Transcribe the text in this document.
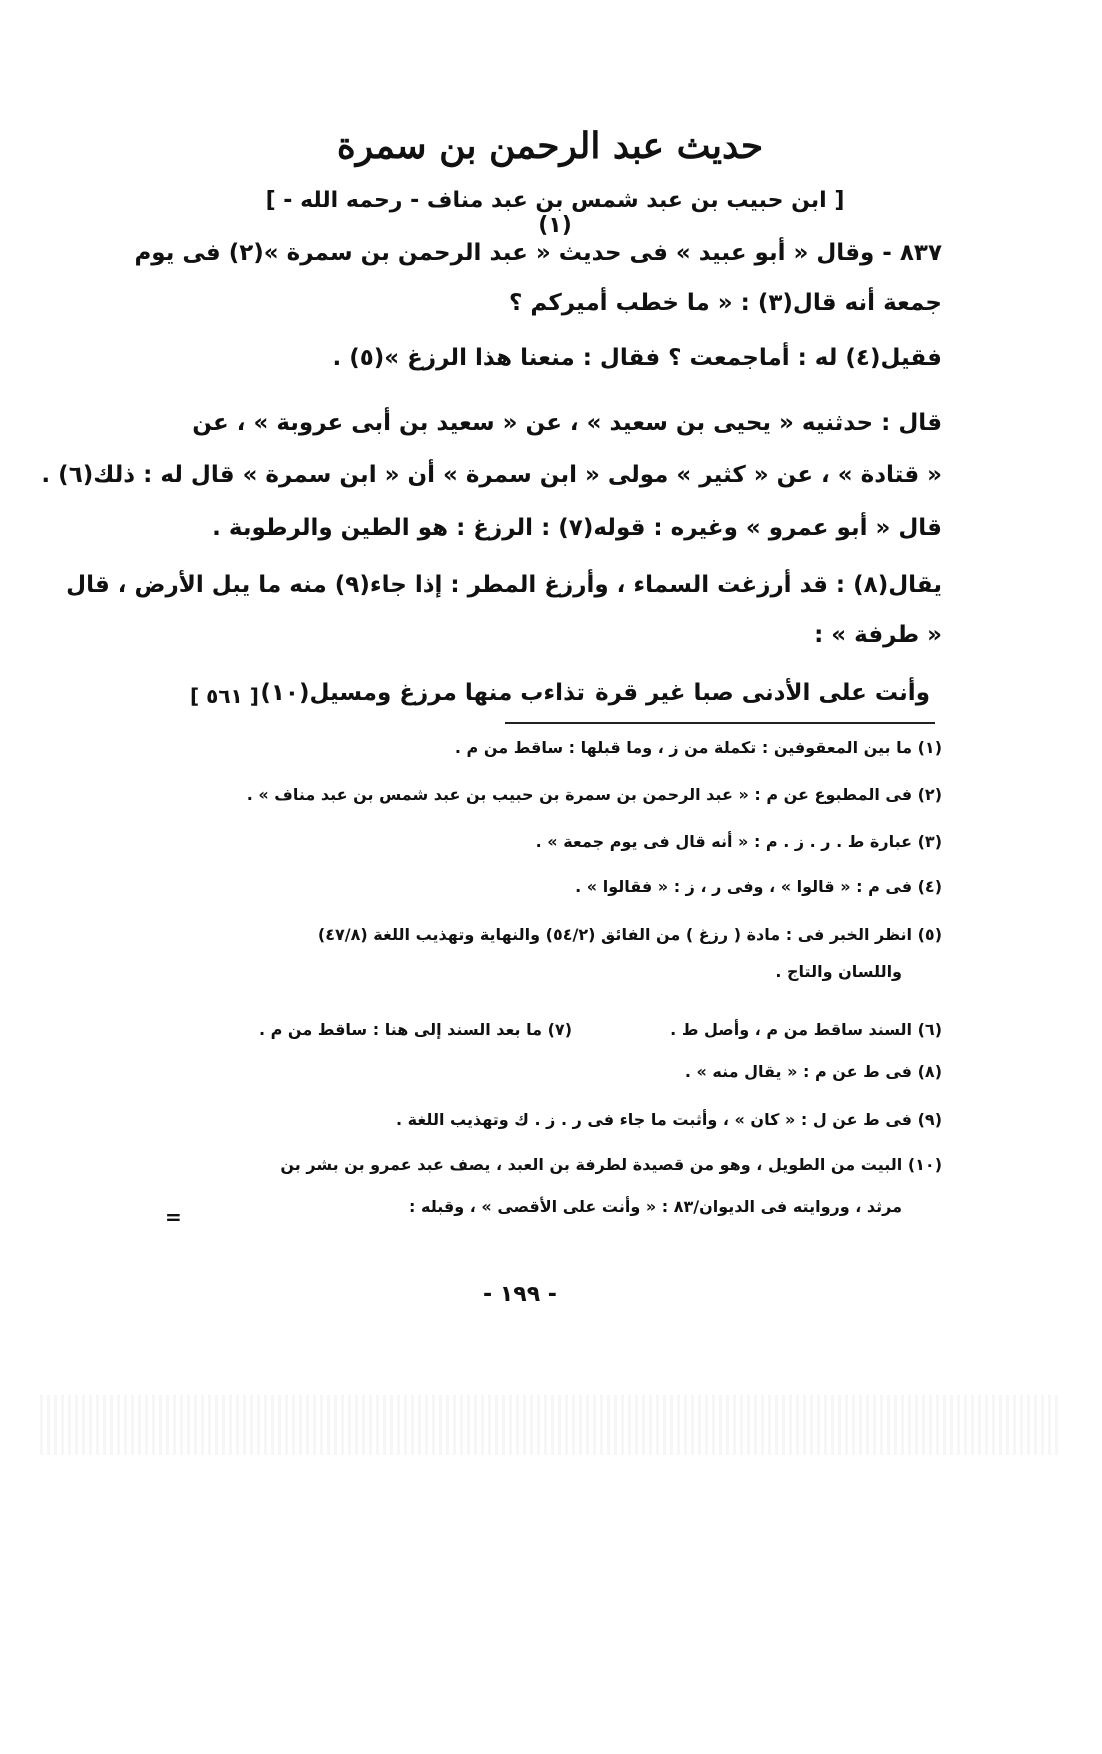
حديث عبد الرحمن بن سمرة
[ ابن حبيب بن عبد شمس بن عبد مناف - رحمه الله - ](١)
٨٣٧ - وقال « أبو عبيد » فى حديث « عبد الرحمن بن سمرة »(٢) فى يوم
جمعة أنه قال(٣) : « ما خطب أميركم ؟
فقيل(٤) له : أماجمعت ؟ فقال : منعنا هذا الرزغ »(٥) .
قال : حدثنيه « يحيى بن سعيد » ، عن « سعيد بن أبى عروبة » ، عن
« قتادة » ، عن « كثير » مولى « ابن سمرة » أن « ابن سمرة » قال له : ذلك(٦) .
قال « أبو عمرو » وغيره : قوله(٧) : الرزغ : هو الطين والرطوبة .
يقال(٨) : قد أرزغت السماء ، وأرزغ المطر : إذا جاء(٩) منه ما يبل الأرض ، قال
« طرفة » :
وأنت على الأدنى صبا غير قرة
تذاءب منها مرزغ ومسيل(١٠)
[ ٥٦١ ]
(١) ما بين المعقوفين : تكملة من ز ، وما قبلها : ساقط من م .
(٢) فى المطبوع عن م : « عبد الرحمن بن سمرة بن حبيب بن عبد شمس بن عبد مناف » .
(٣) عبارة ط . ر . ز . م : « أنه قال فى يوم جمعة » .
(٤) فى م : « قالوا » ، وفى ر ، ز : « فقالوا » .
(٥) انظر الخبر فى : مادة ( رزغ ) من الفائق (٥٤/٢) والنهاية وتهذيب اللغة (٤٧/٨)
واللسان والتاج .
(٦) السند ساقط من م ، وأصل ط .
(٧) ما بعد السند إلى هنا : ساقط من م .
(٨) فى ط عن م : « يقال منه » .
(٩) فى ط عن ل : « كان » ، وأثبت ما جاء فى ر . ز . ك وتهذيب اللغة .
(١٠) البيت من الطويل ، وهو من قصيدة لطرفة بن العبد ، يصف عبد عمرو بن بشر بن
مرثد ، وروايته فى الديوان/٨٣ : « وأنت على الأقصى » ، وقبله :
=
- ١٩٩ -
